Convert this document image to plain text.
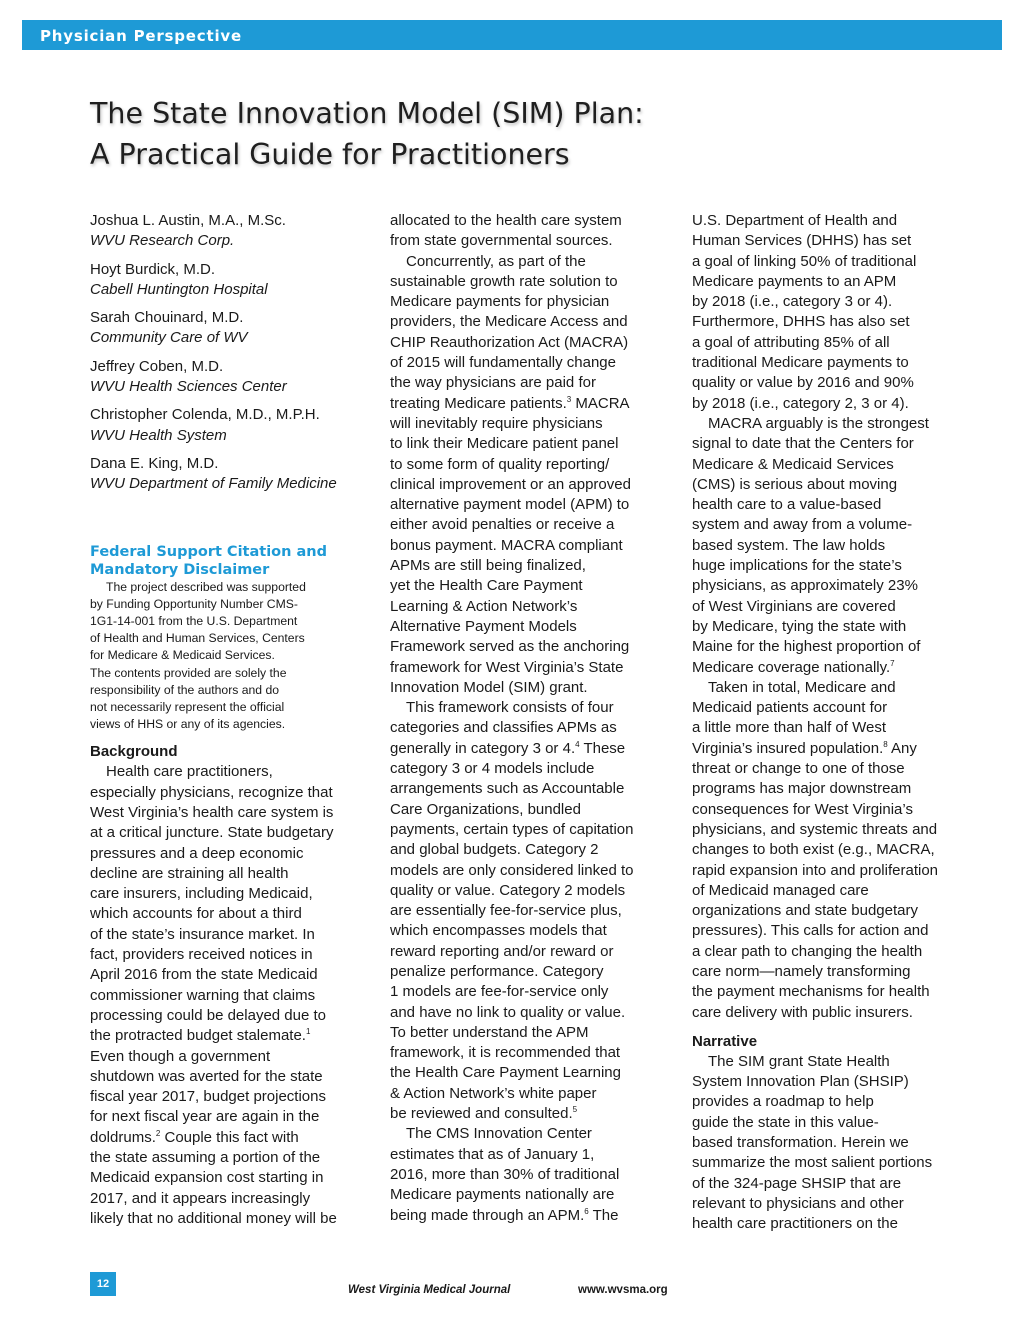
Physician Perspective
The State Innovation Model (SIM) Plan:
A Practical Guide for Practitioners
Joshua L. Austin, M.A., M.Sc.
WVU Research Corp.
Hoyt Burdick, M.D.
Cabell Huntington Hospital
Sarah Chouinard, M.D.
Community Care of WV
Jeffrey Coben, M.D.
WVU Health Sciences Center
Christopher Colenda, M.D., M.P.H.
WVU Health System
Dana E. King, M.D.
WVU Department of Family Medicine
Federal Support Citation and
Mandatory Disclaimer
The project described was supported
by Funding Opportunity Number CMS-
1G1-14-001 from the U.S. Department
of Health and Human Services, Centers
for Medicare & Medicaid Services.
The contents provided are solely the
responsibility of the authors and do
not necessarily represent the official
views of HHS or any of its agencies.
Background
Health care practitioners,
especially physicians, recognize that
West Virginia’s health care system is
at a critical juncture. State budgetary
pressures and a deep economic
decline are straining all health
care insurers, including Medicaid,
which accounts for about a third
of the state’s insurance market. In
fact, providers received notices in
April 2016 from the state Medicaid
commissioner warning that claims
processing could be delayed due to
the protracted budget stalemate.$^1$
Even though a government
shutdown was averted for the state
fiscal year 2017, budget projections
for next fiscal year are again in the
doldrums.$^2$ Couple this fact with
the state assuming a portion of the
Medicaid expansion cost starting in
2017, and it appears increasingly
likely that no additional money will be
allocated to the health care system
from state governmental sources.
Concurrently, as part of the
sustainable growth rate solution to
Medicare payments for physician
providers, the Medicare Access and
CHIP Reauthorization Act (MACRA)
of 2015 will fundamentally change
the way physicians are paid for
treating Medicare patients.$^3$ MACRA
will inevitably require physicians
to link their Medicare patient panel
to some form of quality reporting/
clinical improvement or an approved
alternative payment model (APM) to
either avoid penalties or receive a
bonus payment. MACRA compliant
APMs are still being finalized,
yet the Health Care Payment
Learning & Action Network’s
Alternative Payment Models
Framework served as the anchoring
framework for West Virginia’s State
Innovation Model (SIM) grant.
This framework consists of four
categories and classifies APMs as
generally in category 3 or 4.$^4$ These
category 3 or 4 models include
arrangements such as Accountable
Care Organizations, bundled
payments, certain types of capitation
and global budgets. Category 2
models are only considered linked to
quality or value. Category 2 models
are essentially fee-for-service plus,
which encompasses models that
reward reporting and/or reward or
penalize performance. Category
1 models are fee-for-service only
and have no link to quality or value.
To better understand the APM
framework, it is recommended that
the Health Care Payment Learning
& Action Network’s white paper
be reviewed and consulted.$^5$
The CMS Innovation Center
estimates that as of January 1,
2016, more than 30% of traditional
Medicare payments nationally are
being made through an APM.$^6$ The
U.S. Department of Health and
Human Services (DHHS) has set
a goal of linking 50% of traditional
Medicare payments to an APM
by 2018 (i.e., category 3 or 4).
Furthermore, DHHS has also set
a goal of attributing 85% of all
traditional Medicare payments to
quality or value by 2016 and 90%
by 2018 (i.e., category 2, 3 or 4).
MACRA arguably is the strongest
signal to date that the Centers for
Medicare & Medicaid Services
(CMS) is serious about moving
health care to a value-based
system and away from a volume-
based system. The law holds
huge implications for the state’s
physicians, as approximately 23%
of West Virginians are covered
by Medicare, tying the state with
Maine for the highest proportion of
Medicare coverage nationally.$^7$
Taken in total, Medicare and
Medicaid patients account for
a little more than half of West
Virginia’s insured population.$^8$ Any
threat or change to one of those
programs has major downstream
consequences for West Virginia’s
physicians, and systemic threats and
changes to both exist (e.g., MACRA,
rapid expansion into and proliferation
of Medicaid managed care
organizations and state budgetary
pressures). This calls for action and
a clear path to changing the health
care norm—namely transforming
the payment mechanisms for health
care delivery with public insurers.
Narrative
The SIM grant State Health
System Innovation Plan (SHSIP)
provides a roadmap to help
guide the state in this value-
based transformation. Herein we
summarize the most salient portions
of the 324-page SHSIP that are
relevant to physicians and other
health care practitioners on the
12	West Virginia Medical Journal	www.wvsma.org
